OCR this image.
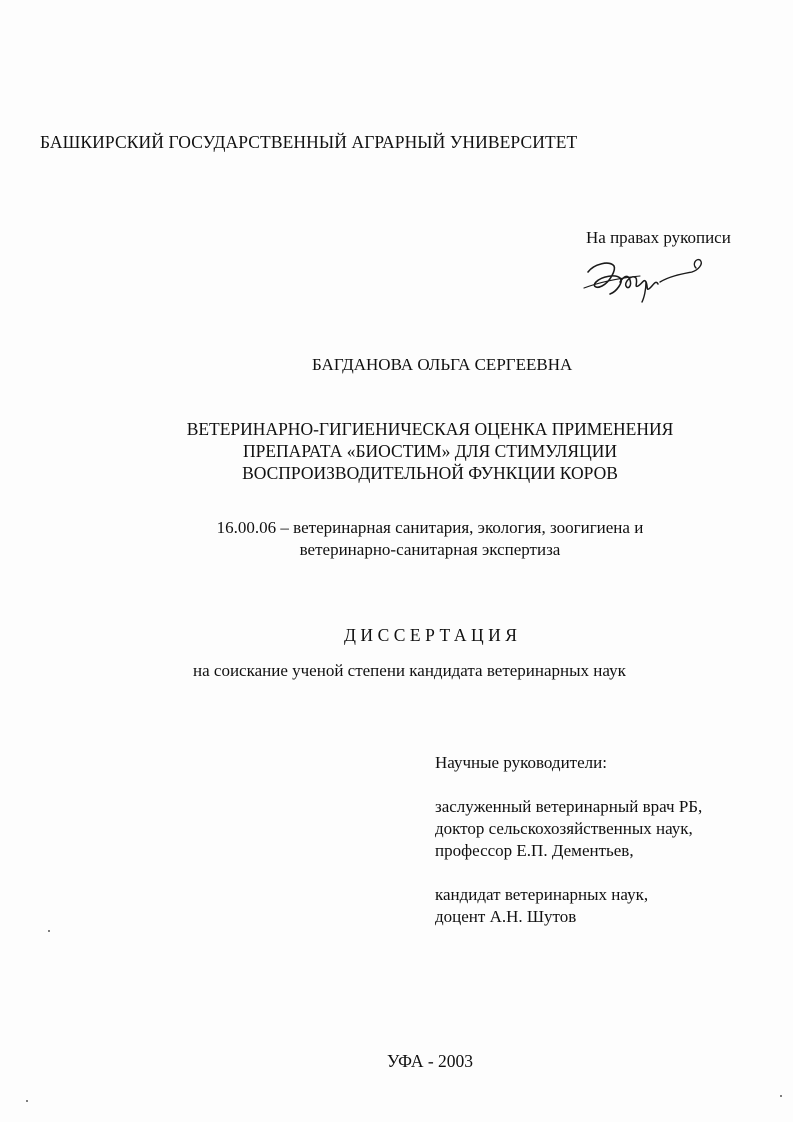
БАШКИРСКИЙ ГОСУДАРСТВЕННЫЙ АГРАРНЫЙ УНИВЕРСИТЕТ
На правах рукописи
БАГДАНОВА ОЛЬГА СЕРГЕЕВНА
ВЕТЕРИНАРНО-ГИГИЕНИЧЕСКАЯ ОЦЕНКА ПРИМЕНЕНИЯ
ПРЕПАРАТА «БИОСТИМ» ДЛЯ СТИМУЛЯЦИИ
ВОСПРОИЗВОДИТЕЛЬНОЙ ФУНКЦИИ КОРОВ
16.00.06 – ветеринарная санитария, экология, зоогигиена и
ветеринарно-санитарная экспертиза
ДИССЕРТАЦИЯ
на соискание ученой степени кандидата ветеринарных наук
Научные руководители:
заслуженный ветеринарный врач РБ,
доктор сельскохозяйственных наук,
профессор Е.П. Дементьев,
кандидат ветеринарных наук,
доцент А.Н. Шутов
УФА - 2003
